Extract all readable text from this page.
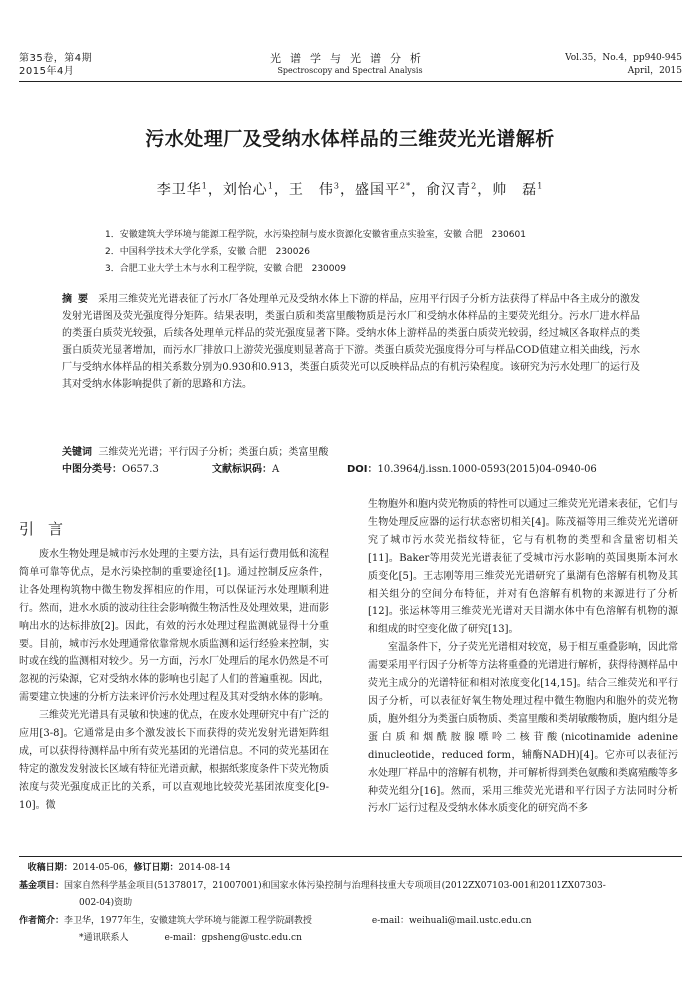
第35卷，第4期
2015年4月
光谱学与光谱分析
Spectroscopy and Spectral Analysis
Vol.35，No.4，pp940-945
April，2015
污水处理厂及受纳水体样品的三维荧光光谱解析
李卫华$^1$，刘怡心$^1$，王　伟$^3$，盛国平$^{2*}$，俞汉青$^2$，帅　磊$^1$
1．安徽建筑大学环境与能源工程学院，水污染控制与废水资源化安徽省重点实验室，安徽 合肥　230601
2．中国科学技术大学化学系，安徽 合肥　230026
3．合肥工业大学土木与水利工程学院，安徽 合肥　230009
摘要 采用三维荧光光谱表征了污水厂各处理单元及受纳水体上下游的样品，应用平行因子分析方法获得了样品中各主成分的激发发射光谱图及荧光强度得分矩阵。结果表明，类蛋白质和类富里酸物质是污水厂和受纳水体样品的主要荧光组分。污水厂进水样品的类蛋白质荧光较强，后续各处理单元样品的荧光强度显著下降。受纳水体上游样品的类蛋白质荧光较弱，经过城区各取样点的类蛋白质荧光显著增加，而污水厂排放口上游荧光强度则显著高于下游。类蛋白质荧光强度得分可与样品COD值建立相关曲线，污水厂与受纳水体样品的相关系数分别为0.930和0.913，类蛋白质荧光可以反映样品点的有机污染程度。该研究为污水处理厂的运行及其对受纳水体影响提供了新的思路和方法。
关键词 三维荧光光谱；平行因子分析；类蛋白质；类富里酸
中图分类号：O657.3	文献标识码：A	DOI：10.3964/j.issn.1000-0593(2015)04-0940-06
引言

废水生物处理是城市污水处理的主要方法，具有运行费用低和流程简单可靠等优点，是水污染控制的重要途径[1]。通过控制反应条件，让各处理构筑物中微生物发挥相应的作用，可以保证污水处理顺利进行。然而，进水水质的波动往往会影响微生物活性及处理效果，进而影响出水的达标排放[2]。因此，有效的污水处理过程监测就显得十分重要。目前，城市污水处理通常依靠常规水质监测和运行经验来控制，实时或在线的监测相对较少。另一方面，污水厂处理后的尾水仍然是不可忽视的污染源，它对受纳水体的影响也引起了人们的普遍重视。因此，需要建立快速的分析方法来评价污水处理过程及其对受纳水体的影响。

三维荧光光谱具有灵敏和快速的优点，在废水处理研究中有广泛的应用[3-8]。它通常是由多个激发波长下而获得的荧光发射光谱矩阵组成，可以获得待测样品中所有荧光基团的光谱信息。不同的荧光基团在特定的激发发射波长区域有特征光谱贡献，根据纸浆度条件下荧光物质浓度与荧光强度成正比的关系，可以直观地比较荧光基团浓度变化[9-10]。微

生物胞外和胞内荧光物质的特性可以通过三维荧光光谱来表征，它们与生物处理反应器的运行状态密切相关[4]。陈茂福等用三维荧光光谱研究了城市污水荧光指纹特征，它与有机物的类型和含量密切相关[11]。Baker等用荧光光谱表征了受城市污水影响的英国奥斯本河水质变化[5]。王志刚等用三维荧光光谱研究了巢湖有色溶解有机物及其相关组分的空间分布特征，并对有色溶解有机物的来源进行了分析[12]。张运林等用三维荧光光谱对天目湖水体中有色溶解有机物的源和组成的时空变化做了研究[13]。

室温条件下，分子荧光光谱相对较宽，易于相互重叠影响，因此常需要采用平行因子分析等方法将重叠的光谱进行解析，获得待测样品中荧光主成分的光谱特征和相对浓度变化[14,15]。结合三维荧光和平行因子分析，可以表征好氧生物处理过程中微生物胞内和胞外的荧光物质，胞外组分为类蛋白质物质、类富里酸和类胡敏酸物质，胞内组分是蛋白质和烟酰胺腺嘌呤二核苷酸(nicotinamide adenine dinucleotide，reduced form，辅酶NADH)[4]。它亦可以表征污水处理厂样品中的溶解有机物，并可解析得到类色氨酸和类腐殖酸等多种荧光组分[16]。然而，采用三维荧光光谱和平行因子方法同时分析污水厂运行过程及受纳水体水质变化的研究尚不多

收稿日期：2014-05-06，修订日期：2014-08-14
基金项目：国家自然科学基金项目(51378017，21007001)和国家水体污染控制与治理科技重大专项项目(2012ZX07103-001和2011ZX07303-
002-04)资助
作者简介：李卫华，1977年生，安徽建筑大学环境与能源工程学院副教授	e-mail：weihuali@mail.ustc.edu.cn
*通讯联系人	e-mail：gpsheng@ustc.edu.cn
